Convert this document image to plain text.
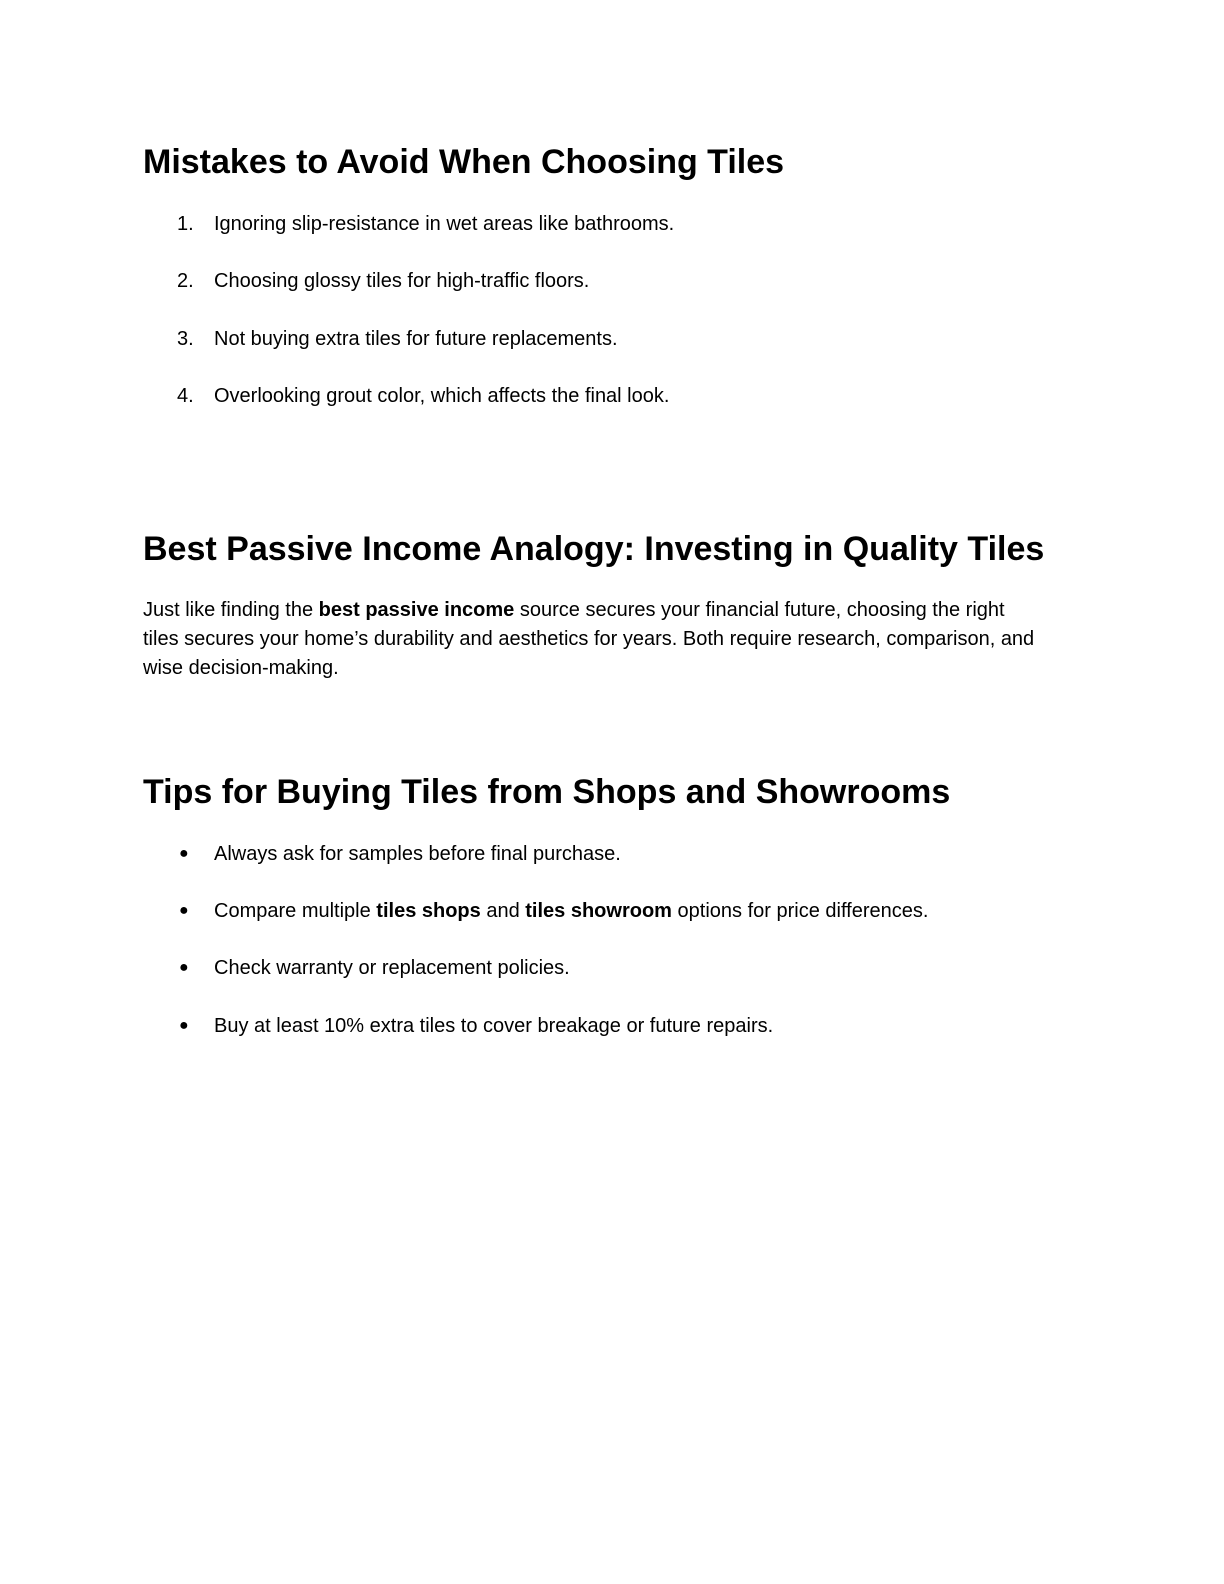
Mistakes to Avoid When Choosing Tiles
1.	Ignoring slip-resistance in wet areas like bathrooms.
2.	Choosing glossy tiles for high-traffic floors.
3.	Not buying extra tiles for future replacements.
4.	Overlooking grout color, which affects the final look.
Best Passive Income Analogy: Investing in Quality Tiles

Just like finding the best passive income source secures your financial future, choosing the right tiles secures your home’s durability and aesthetics for years. Both require research, comparison, and wise decision-making.

Tips for Buying Tiles from Shops and Showrooms
● Always ask for samples before final purchase.
● Compare multiple tiles shops and tiles showroom options for price differences.
● Check warranty or replacement policies.
● Buy at least 10% extra tiles to cover breakage or future repairs.
